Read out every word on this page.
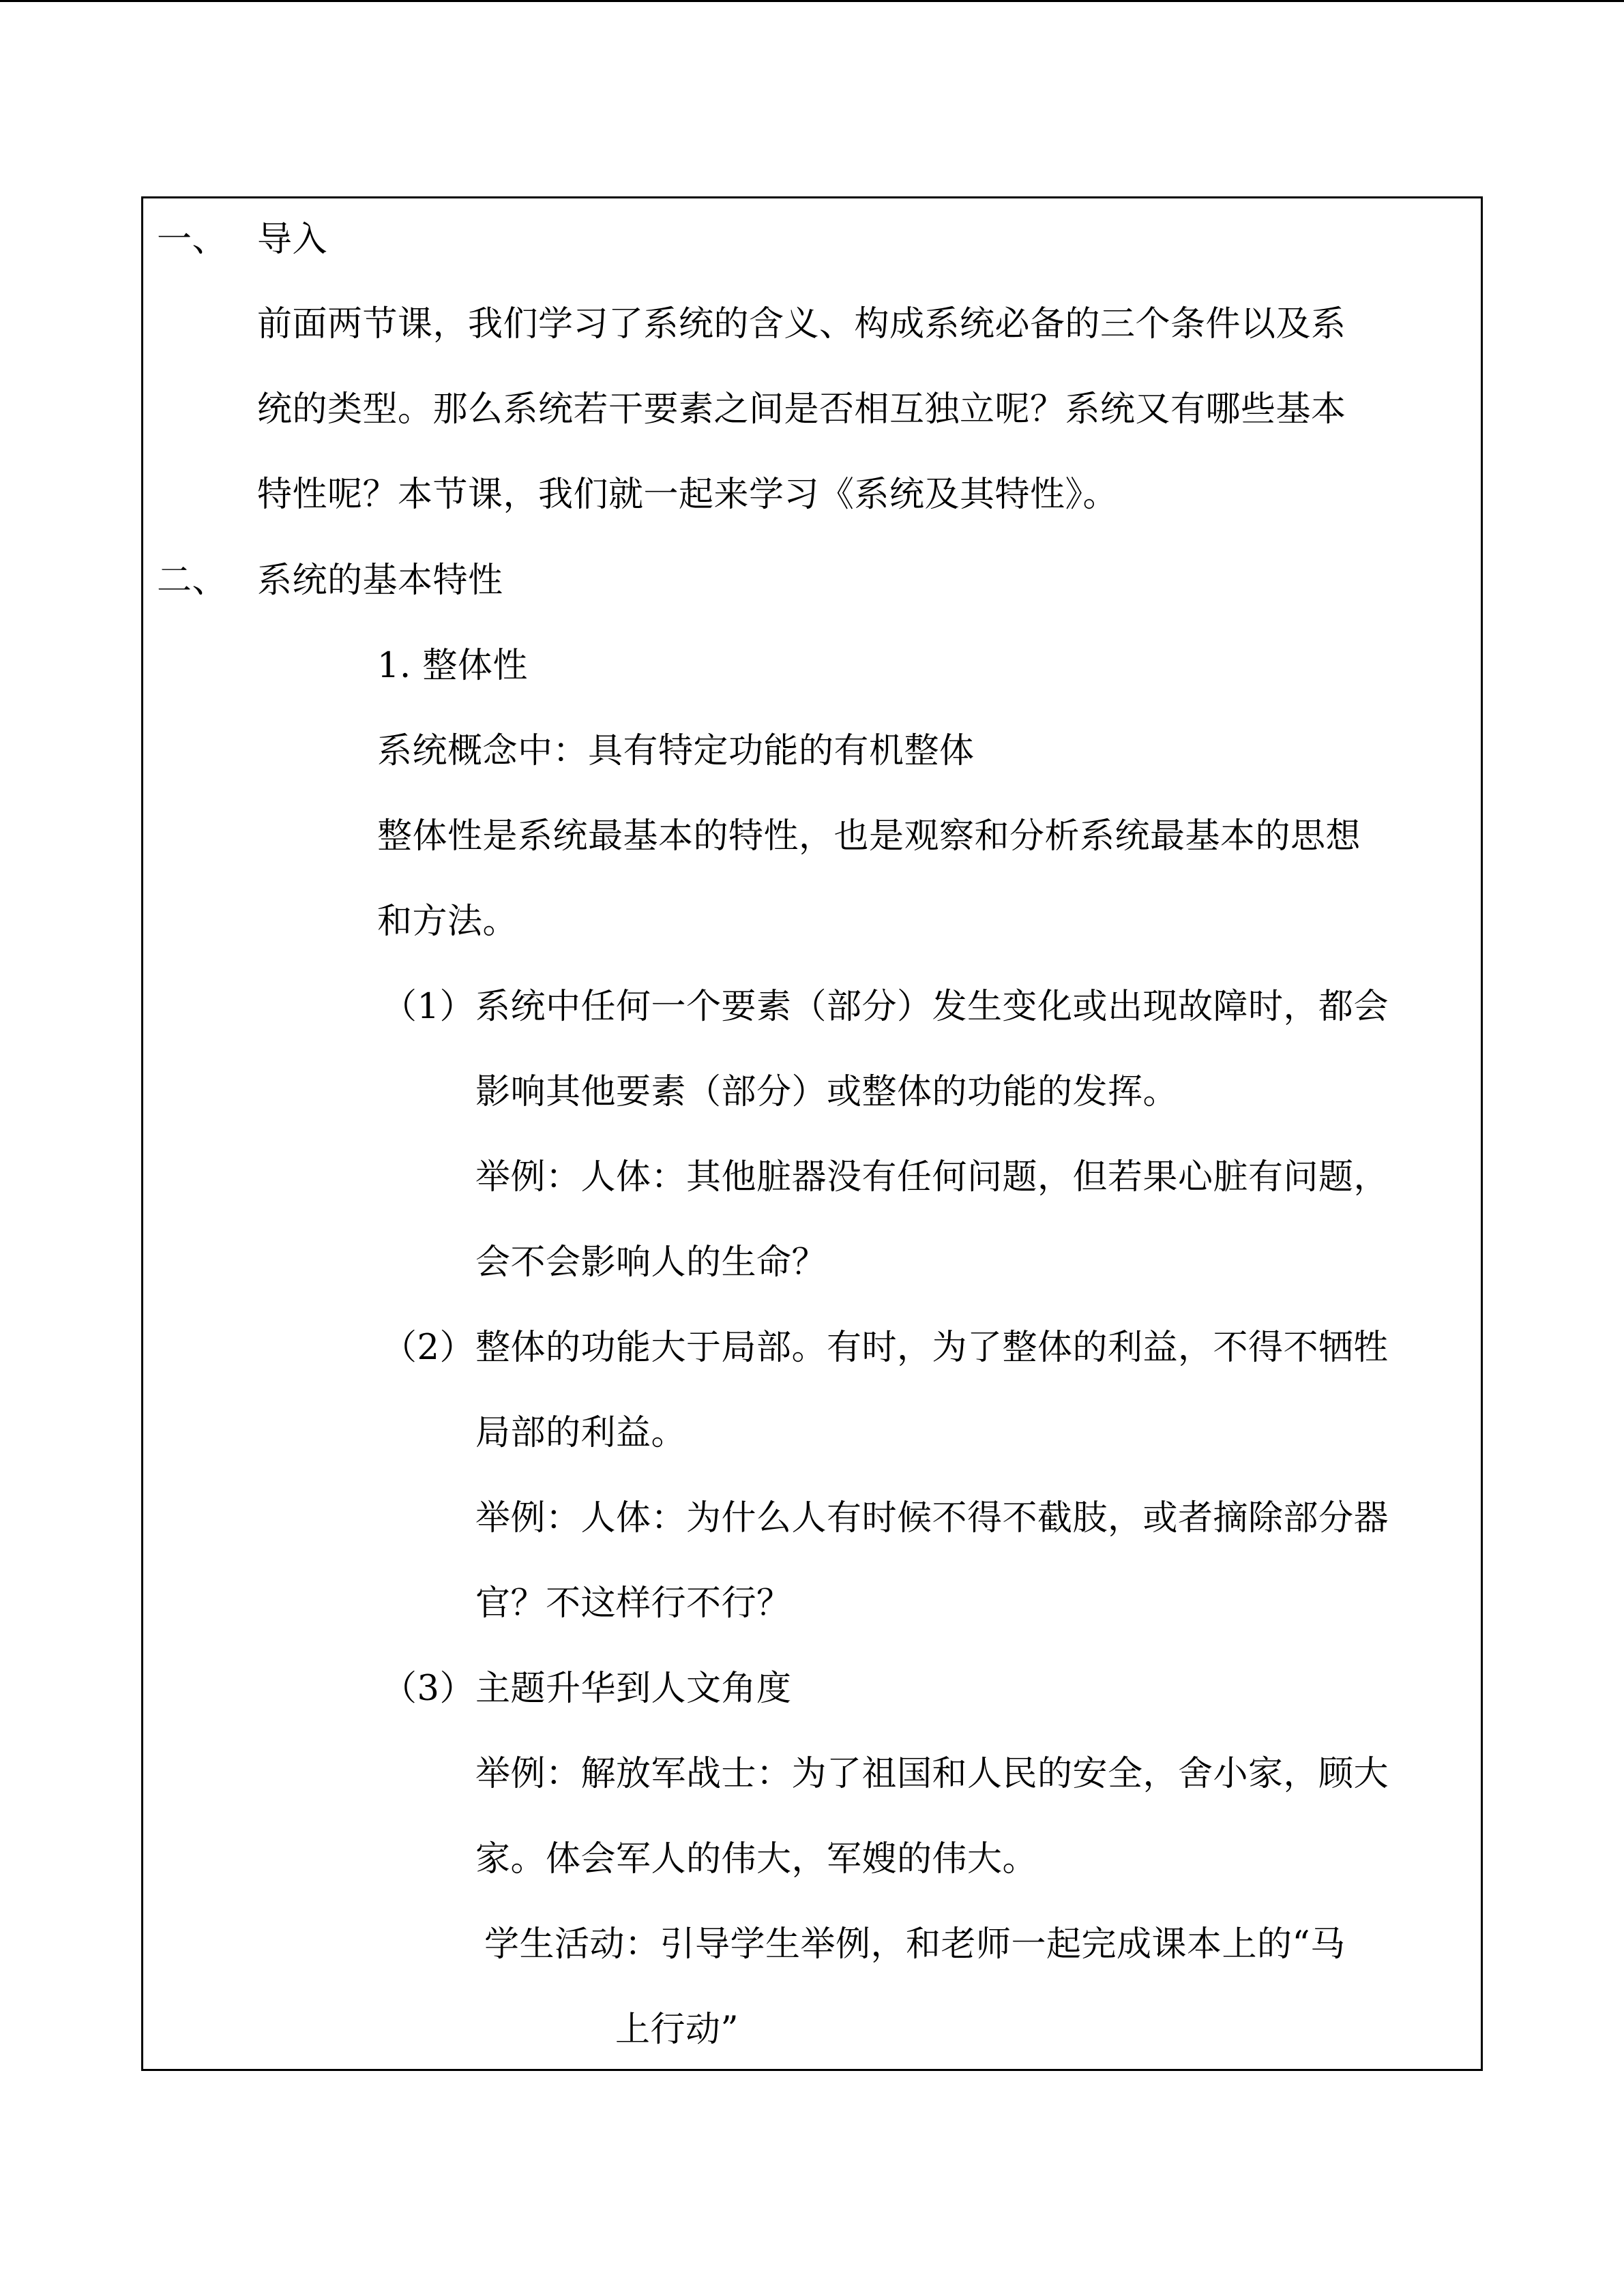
一、 导入
前面两节课，我们学习了系统的含义、构成系统必备的三个条件以及系
统的类型。那么系统若干要素之间是否相互独立呢？系统又有哪些基本
特性呢？本节课，我们就一起来学习《系统及其特性》。
二、 系统的基本特性
1. 整体性
系统概念中：具有特定功能的有机整体
整体性是系统最基本的特性，也是观察和分析系统最基本的思想
和方法。
（1） 系统中任何一个要素（部分）发生变化或出现故障时，都会
影响其他要素（部分）或整体的功能的发挥。
举例：人体：其他脏器没有任何问题，但若果心脏有问题，
会不会影响人的生命？
（2） 整体的功能大于局部。有时，为了整体的利益，不得不牺牲
局部的利益。
举例：人体：为什么人有时候不得不截肢，或者摘除部分器
官？不这样行不行？
（3） 主题升华到人文角度
举例：解放军战士：为了祖国和人民的安全，舍小家，顾大
家。体会军人的伟大，军嫂的伟大。
学生活动：引导学生举例，和老师一起完成课本上的“马
上行动”
